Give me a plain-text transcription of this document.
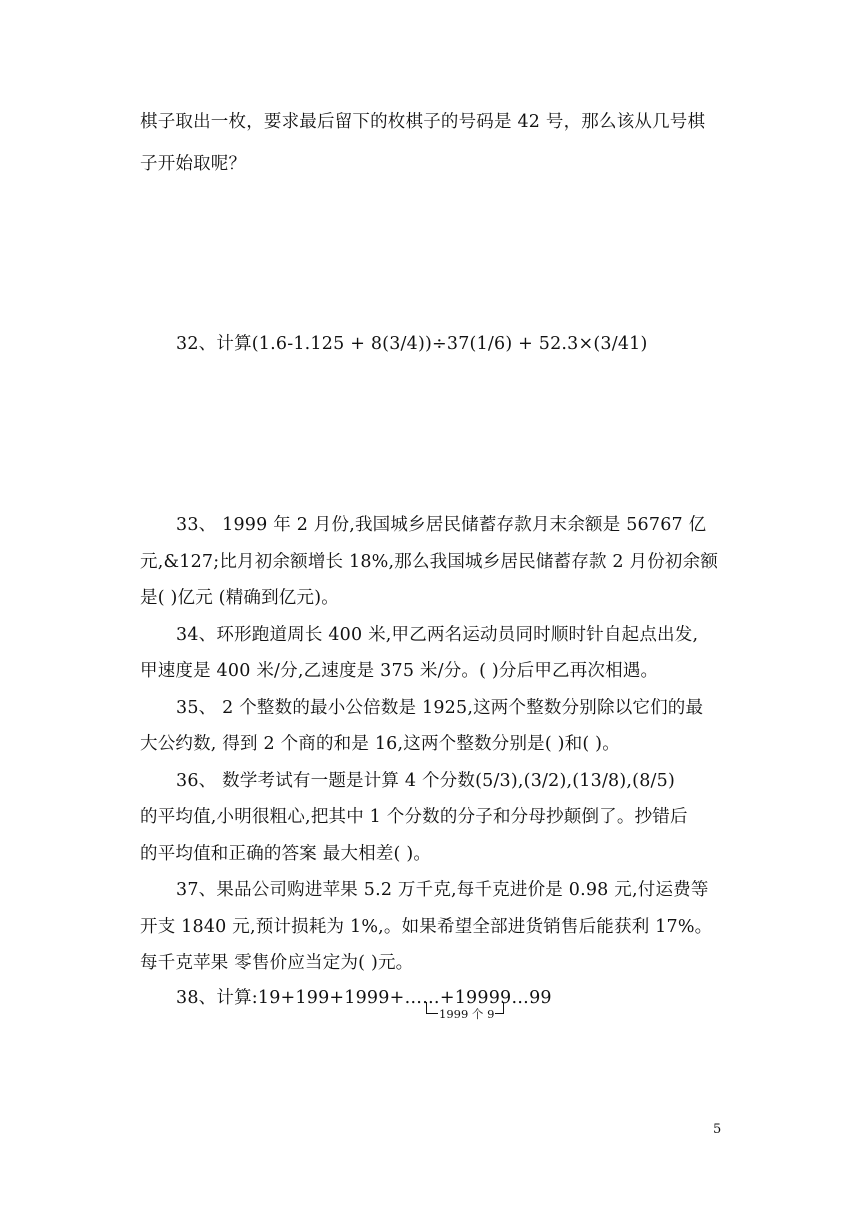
棋子取出一枚，要求最后留下的枚棋子的号码是 42 号，那么该从几号棋
子开始取呢？
32、计算(1.6-1.125 + 8(3/4))÷37(1/6) + 52.3×(3/41)
33、 1999 年 2 月份,我国城乡居民储蓄存款月末余额是 56767 亿
元,&127;比月初余额增长 18%,那么我国城乡居民储蓄存款 2 月份初余额
是( )亿元 (精确到亿元)。
34、环形跑道周长 400 米,甲乙两名运动员同时顺时针自起点出发,
甲速度是 400 米/分,乙速度是 375 米/分。( )分后甲乙再次相遇。
35、 2 个整数的最小公倍数是 1925,这两个整数分别除以它们的最
大公约数, 得到 2 个商的和是 16,这两个整数分别是( )和( )。
36、 数学考试有一题是计算 4 个分数(5/3),(3/2),(13/8),(8/5)
的平均值,小明很粗心,把其中 1 个分数的分子和分母抄颠倒了。抄错后
的平均值和正确的答案 最大相差( )。
37、果品公司购进苹果 5.2 万千克,每千克进价是 0.98 元,付运费等
开支 1840 元,预计损耗为 1%,。如果希望全部进货销售后能获利 17%。
每千克苹果 零售价应当定为( )元。
38、计算:19+199+1999+……+19999…99
1999 个 9
5
